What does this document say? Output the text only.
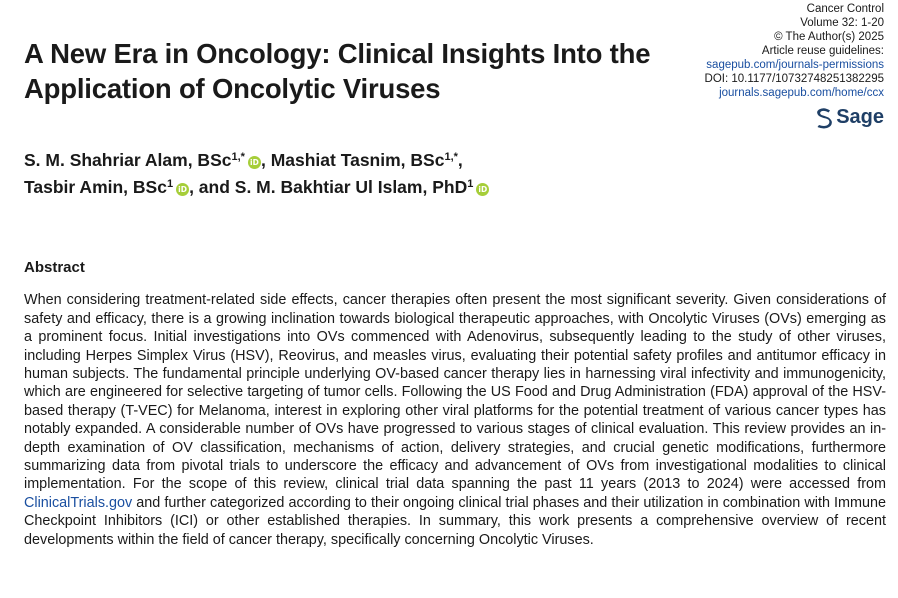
A New Era in Oncology: Clinical Insights Into the Application of Oncolytic Viruses
Cancer Control
Volume 32: 1-20
© The Author(s) 2025
Article reuse guidelines:
sagepub.com/journals-permissions
DOI: 10.1177/10732748251382295
journals.sagepub.com/home/ccx
Sage
S. M. Shahriar Alam, BSc$^{1,*}$ iD , Mashiat Tasnim, BSc$^{1,*}$,
Tasbir Amin, BSc$^1$ iD , and S. M. Bakhtiar Ul Islam, PhD$^1$ iD
Abstract

When considering treatment-related side effects, cancer therapies often present the most significant severity. Given considerations of safety and efficacy, there is a growing inclination towards biological therapeutic approaches, with Oncolytic Viruses (OVs) emerging as a prominent focus. Initial investigations into OVs commenced with Adenovirus, subsequently leading to the study of other viruses, including Herpes Simplex Virus (HSV), Reovirus, and measles virus, evaluating their potential safety profiles and antitumor efficacy in human subjects. The fundamental principle underlying OV-based cancer therapy lies in harnessing viral infectivity and immunogenicity, which are engineered for selective targeting of tumor cells. Following the US Food and Drug Administration (FDA) approval of the HSV-based therapy (T-VEC) for Melanoma, interest in exploring other viral platforms for the potential treatment of various cancer types has notably expanded. A considerable number of OVs have progressed to various stages of clinical evaluation. This review provides an in-depth examination of OV classification, mechanisms of action, delivery strategies, and crucial genetic modifications, furthermore summarizing data from pivotal trials to underscore the efficacy and advancement of OVs from investigational modalities to clinical implementation. For the scope of this review, clinical trial data spanning the past 11 years (2013 to 2024) were accessed from ClinicalTrials.gov and further categorized according to their ongoing clinical trial phases and their utilization in combination with Immune Checkpoint Inhibitors (ICI) or other established therapies. In summary, this work presents a comprehensive overview of recent developments within the field of cancer therapy, specifically concerning Oncolytic Viruses.
